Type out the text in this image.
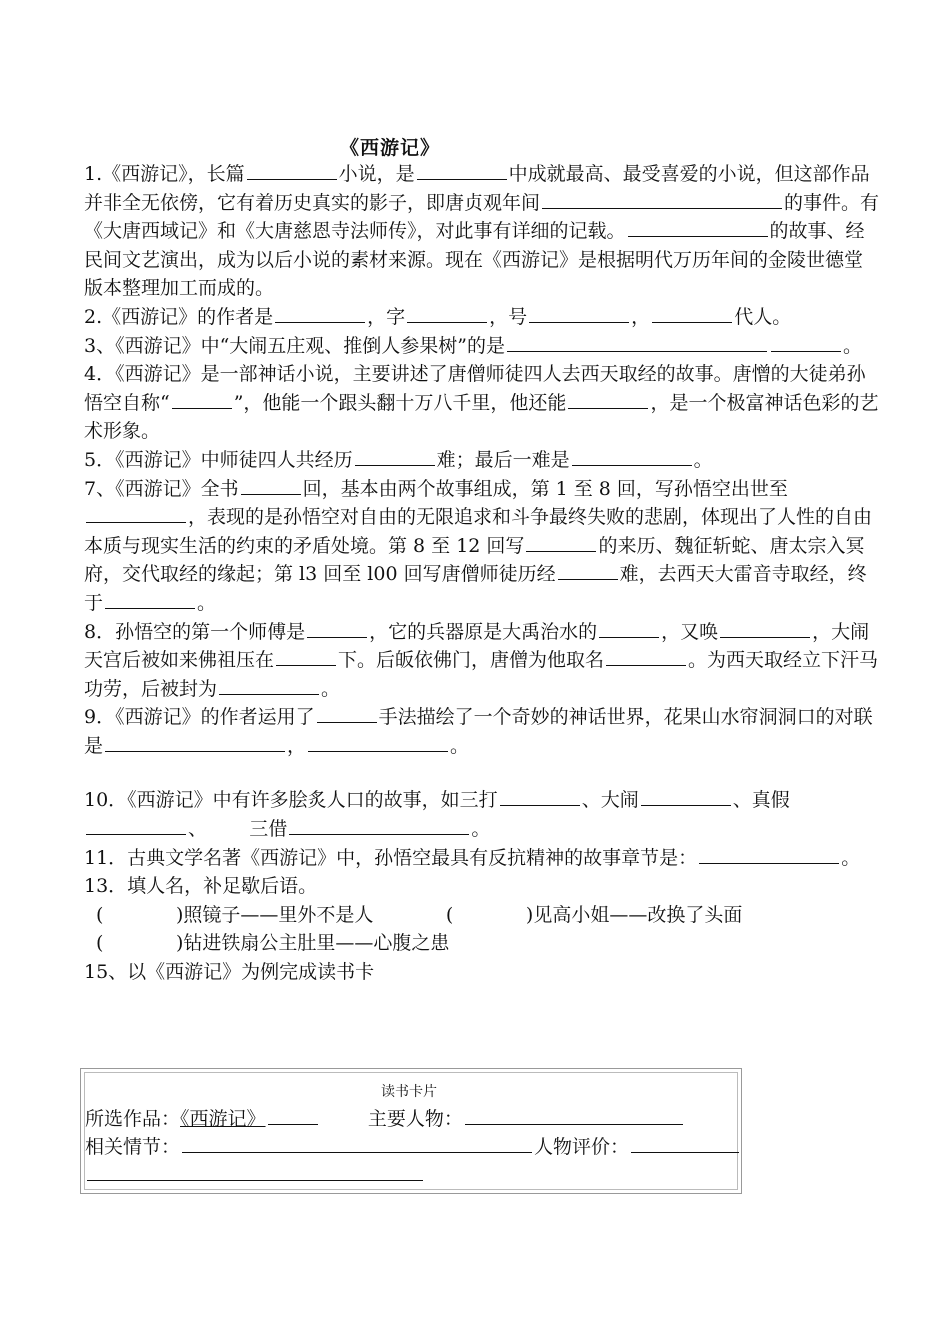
《西游记》

1.《西游记》，长篇	小说，是	中成就最高、最受喜爱的小说，但这部作品并非全无依傍，它有着历史真实的影子，即唐贞观年间	的事件。有《大唐西域记》和《大唐慈恩寺法师传》，对此事有详细的记载。	的故事、经民间文艺演出，成为以后小说的素材来源。现在《西游记》是根据明代万历年间的金陵世德堂版本整理加工而成的。

2.《西游记》的作者是	，字	，号	，	代人。

3、《西游记》中“大闹五庄观、推倒人参果树”的是	。

4．《西游记》是一部神话小说，主要讲述了唐僧师徒四人去西天取经的故事。唐憎的大徒弟孙悟空自称“	”，他能一个跟头翻十万八千里，他还能	，是一个极富神话色彩的艺术形象。

5．《西游记》中师徒四人共经历	难；最后一难是	。

7、《西游记》全书	回，基本由两个故事组成，第 1 至 8 回，写孙悟空出世至，表现的是孙悟空对自由的无限追求和斗争最终失败的悲剧，体现出了人性的自由本质与现实生活的约束的矛盾处境。第 8 至 12 回写	的来历、魏征斩蛇、唐太宗入冥府，交代取经的缘起；第 l3 回至 l00 回写唐僧师徒历经	难，去西天大雷音寺取经，终于	。

8．孙悟空的第一个师傅是	，它的兵器原是大禹治水的	，又唤	，大闹天宫后被如来佛祖压在	下。后皈依佛门，唐僧为他取名	。为西天取经立下汗马功劳，后被封为	。

9．《西游记》的作者运用了	手法描绘了一个奇妙的神话世界，花果山水帘洞洞口的对联是	，	。

10．《西游记》中有许多脍炙人口的故事，如三打	、大闹	、真假、 三借	。

11．古典文学名著《西游记》中，孙悟空最具有反抗精神的故事章节是：	。

13．填人名，补足歇后语。

(	)照镜子——里外不是人	(	)见高小姐——改换了头面

(	)钻进铁扇公主肚里——心腹之患

15、以《西游记》为例完成读书卡

读书卡片
所选作品：《西游记》	主要人物：
相关情节：	人物评价：
